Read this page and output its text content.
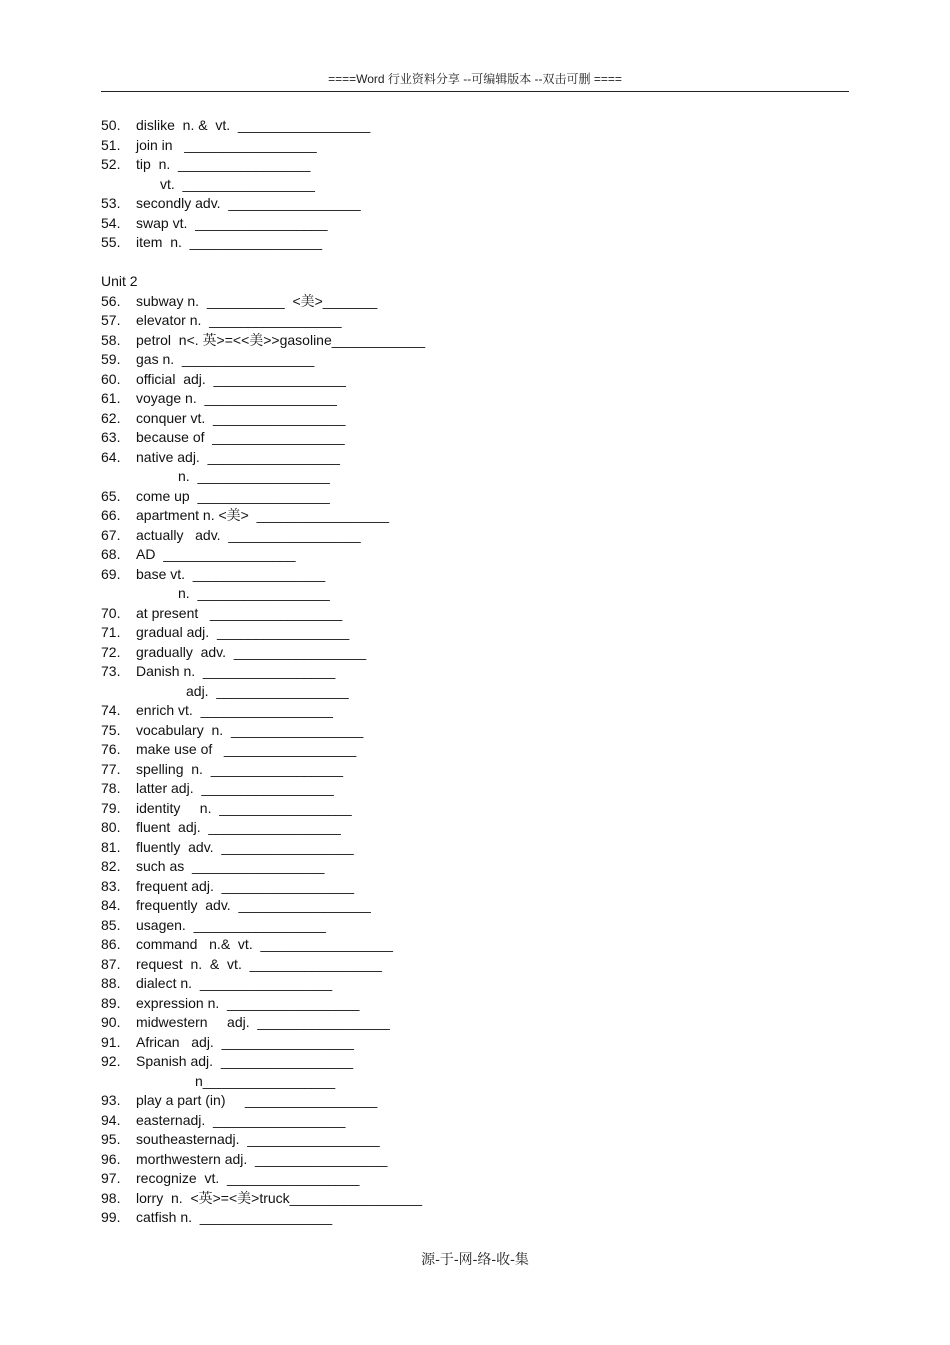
====Word 行业资料分享 --可编辑版本 --双击可删 ====
50. dislike  n. &  vt.  _________________
51. join in   _________________
52. tip  n.  _________________
vt.  _________________
53. secondly adv.  _________________
54. swap vt.  _________________
55. item  n.  _________________
Unit 2
56. subway n.  __________  <美>_______
57. elevator n.  _________________
58. petrol  n<. 英>=<<美>>gasoline____________
59. gas n.  _________________
60. official  adj.  _________________
61. voyage n.  _________________
62. conquer vt.  _________________
63. because of  _________________
64. native adj.  _________________
n.  _________________
65. come up  _________________
66. apartment n. <美>  _________________
67. actually   adv.  _________________
68. AD  _________________
69. base vt.  _________________
n.  _________________
70. at present   _________________
71. gradual adj.  _________________
72. gradually  adv.  _________________
73. Danish n.  _________________
adj.  _________________
74. enrich vt.  _________________
75. vocabulary  n.  _________________
76. make use of   _________________
77. spelling  n.  _________________
78. latter adj.  _________________
79. identity     n.  _________________
80. fluent  adj.  _________________
81. fluently  adv.  _________________
82. such as  _________________
83. frequent adj.  _________________
84. frequently  adv.  _________________
85. usagen.  _________________
86. command   n.&  vt.  _________________
87. request  n.  &  vt.  _________________
88. dialect n.  _________________
89. expression n.  _________________
90. midwestern     adj.  _________________
91. African   adj.  _________________
92. Spanish adj.  _________________
n_________________
93. play a part (in)     _________________
94. easternadj.  _________________
95. southeasternadj.  _________________
96. morthwestern adj.  _________________
97. recognize  vt.  _________________
98. lorry  n.  <英>=<美>truck_________________
99. catfish n.  _________________
源-于-网-络-收-集
